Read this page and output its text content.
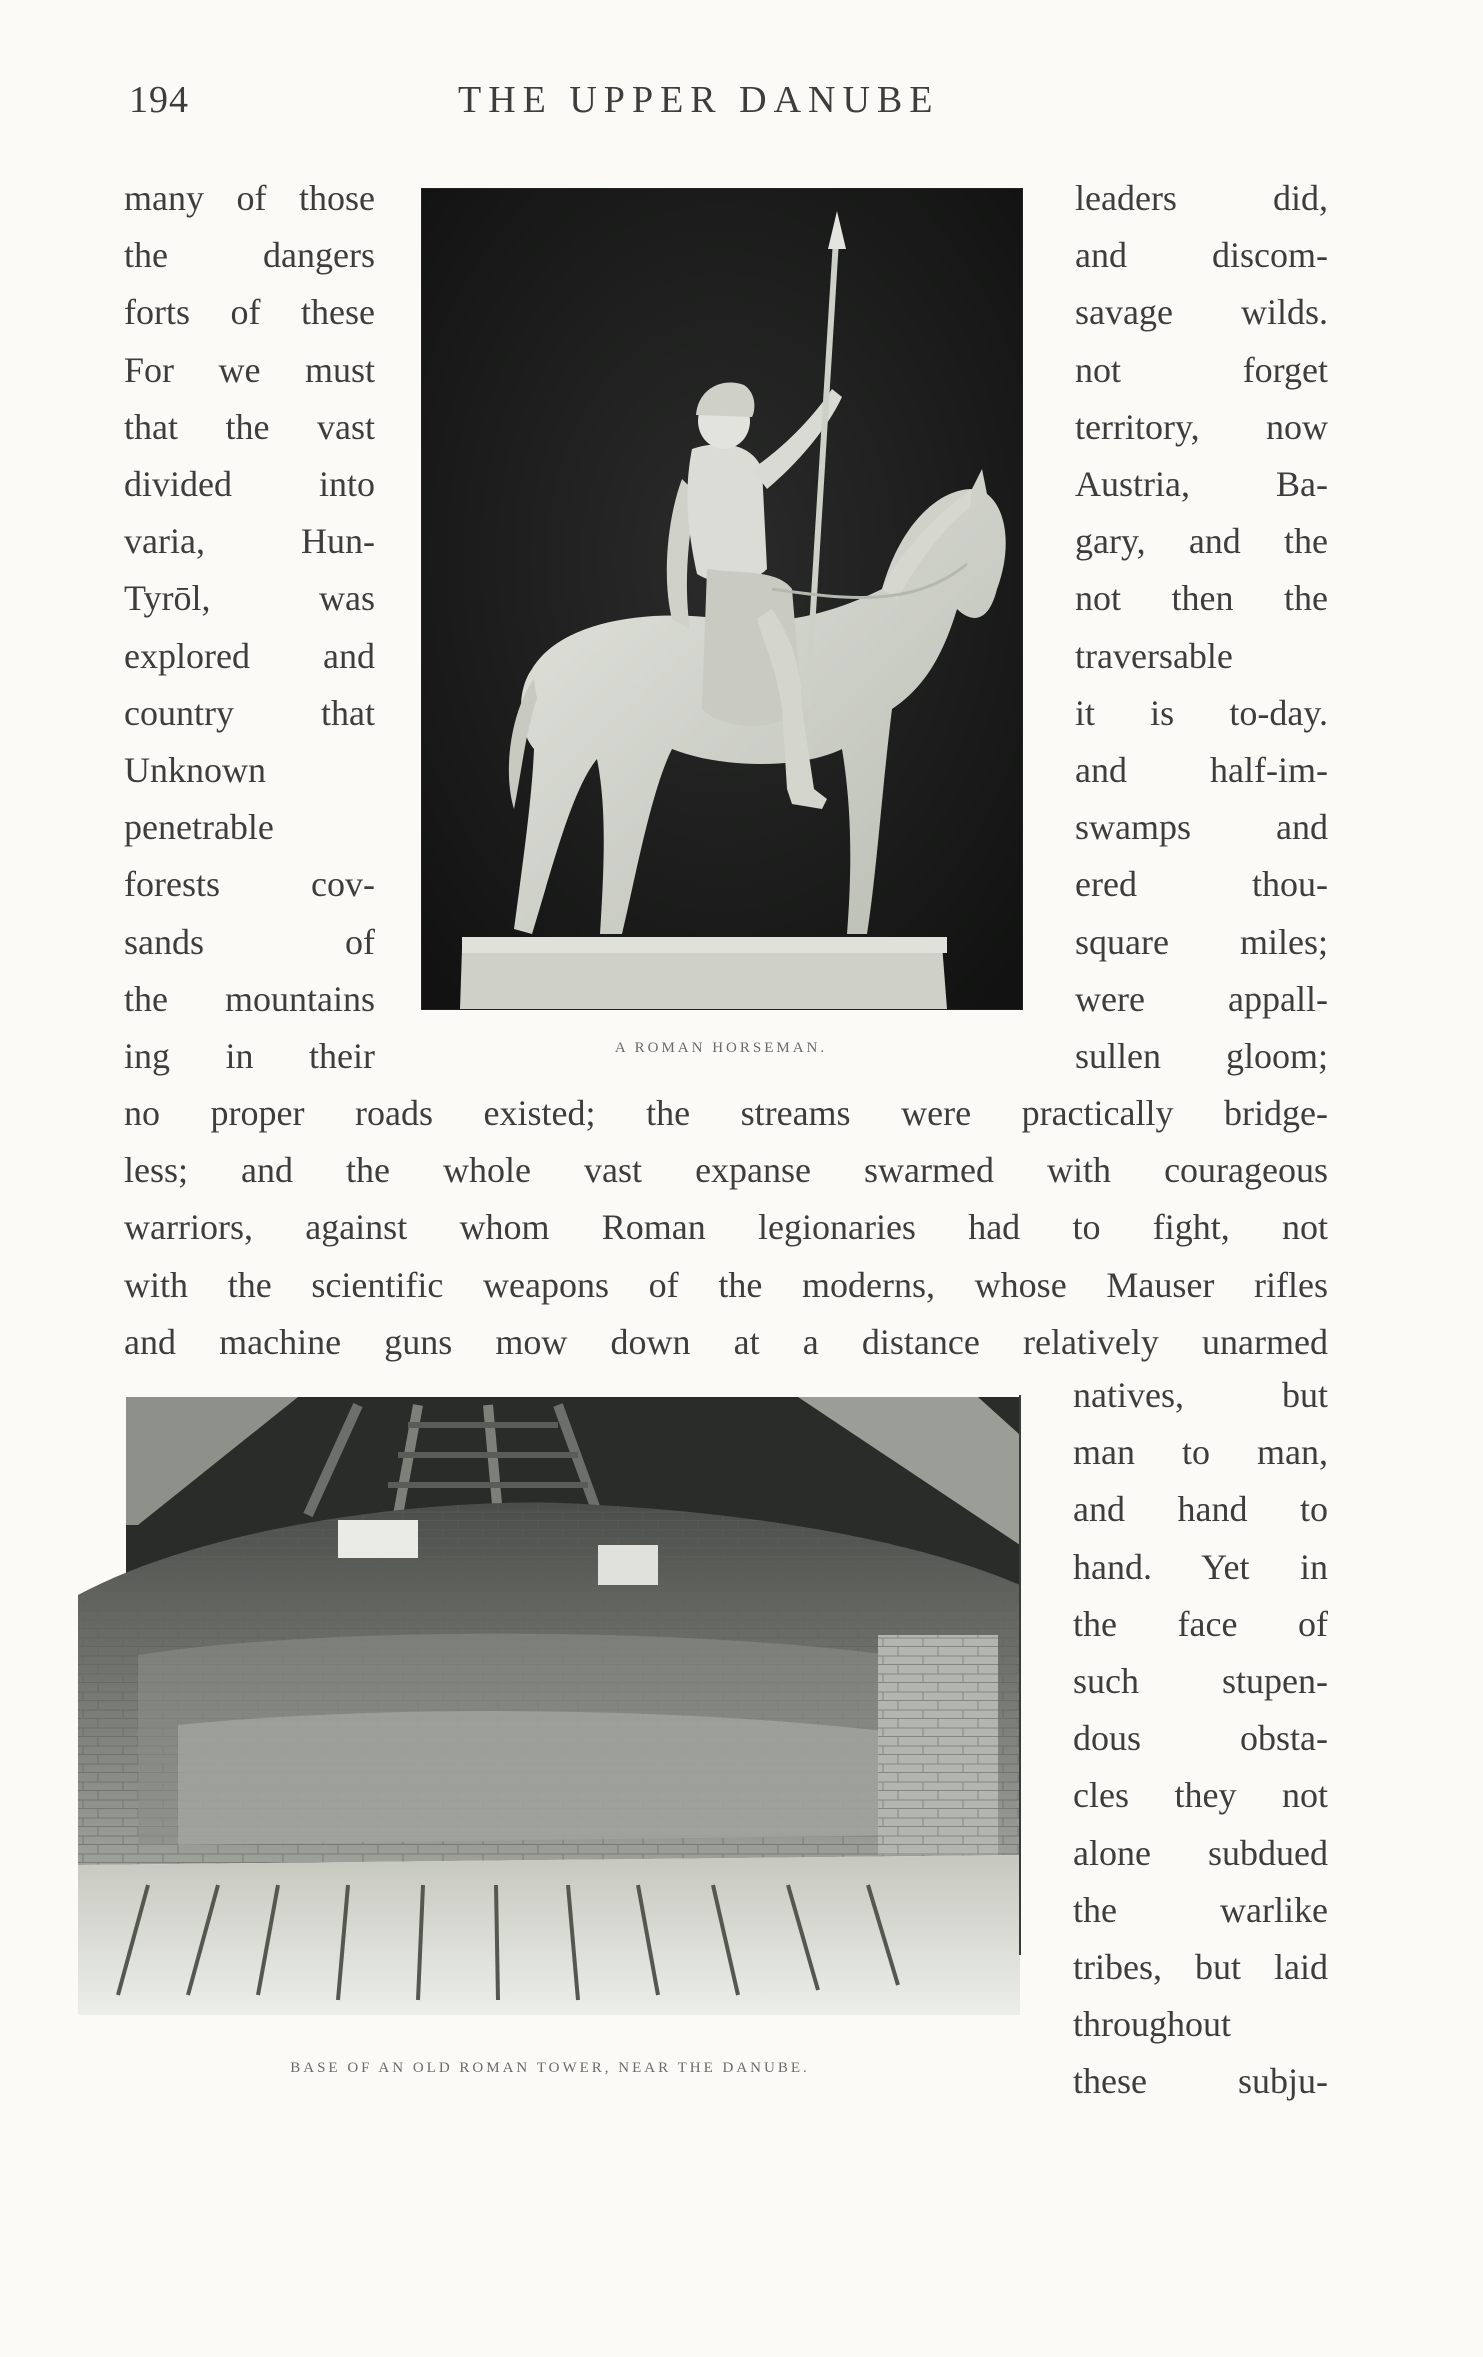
194	THE UPPER DANUBE
many of those
the dangers
forts of these
For we must
that the vast
divided into
varia, Hun-
Tyrōl, was
explored and
country that
Unknown
penetrable
forests cov-
sands of
the mountains
ing in their	A ROMAN HORSEMAN.
leaders did,
and discom-
savage wilds.
not forget
territory, now
Austria, Ba-
gary, and the
not then the
traversable
it is to-day.
and half-im-
swamps and
ered thou-
square miles;
were appall-
sullen gloom;
no proper roads existed; the streams were practically bridge-
less; and the whole vast expanse swarmed with courageous
warriors, against whom Roman legionaries had to fight, not
with the scientific weapons of the moderns, whose Mauser rifles
and machine guns mow down at a distance relatively unarmed
BASE OF AN OLD ROMAN TOWER, NEAR THE DANUBE.
natives, but
man to man,
and hand to
hand. Yet in
the face of
such stupen-
dous obsta-
cles they not
alone subdued
the warlike
tribes, but laid
throughout
these subju-
